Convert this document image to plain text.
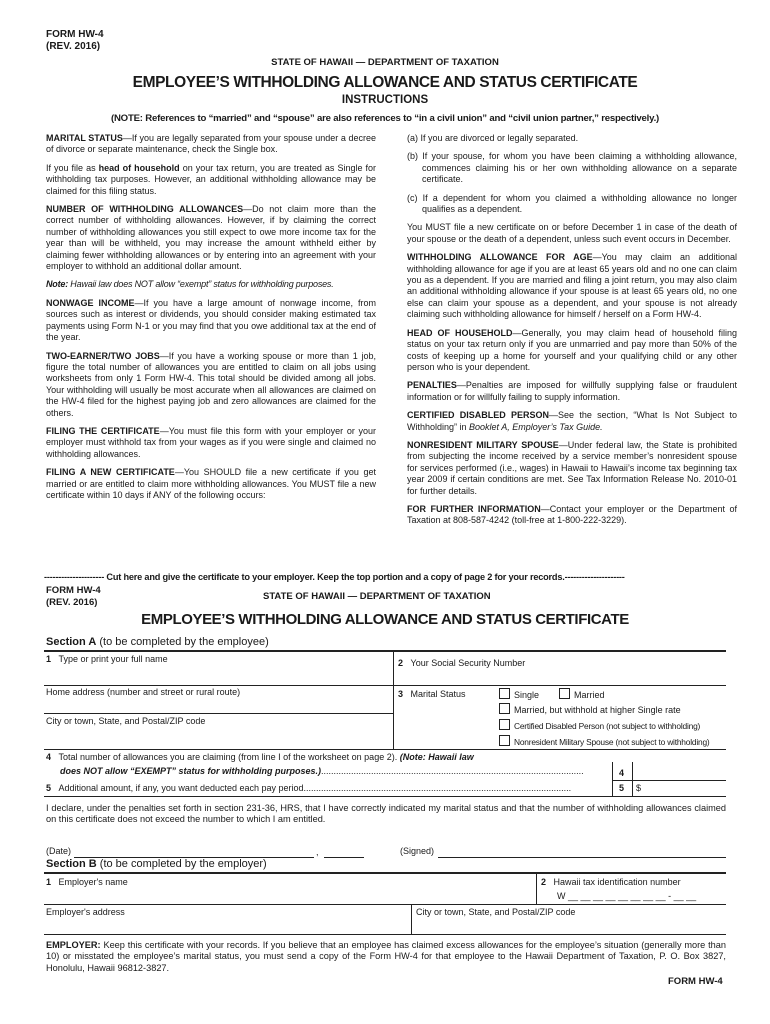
FORM HW-4
(REV. 2016)
STATE OF HAWAII — DEPARTMENT OF TAXATION
EMPLOYEE’S WITHHOLDING ALLOWANCE AND STATUS CERTIFICATE
INSTRUCTIONS
(NOTE: References to “married” and “spouse” are also references to “in a civil union” and “civil union partner,” respectively.)

MARITAL STATUS—If you are legally separated from your spouse under a decree of divorce or separate maintenance, check the Single box.

If you file as head of household on your tax return, you are treated as Single for withholding tax purposes. However, an additional withholding allowance may be claimed for this filing status.

NUMBER OF WITHHOLDING ALLOWANCES—Do not claim more than the correct number of withholding allowances. However, if by claiming the correct number of withholding allowances you still expect to owe more income tax for the year than will be withheld, you may increase the amount withheld either by claiming fewer withholding allowances or by entering into an agreement with your employer to withhold an additional dollar amount.

Note: Hawaii law does NOT allow “exempt” status for withholding purposes.

NONWAGE INCOME—If you have a large amount of nonwage income, from sources such as interest or dividends, you should consider making estimated tax payments using Form N-1 or you may find that you owe additional tax at the end of the year.

TWO-EARNER/TWO JOBS—If you have a working spouse or more than 1 job, figure the total number of allowances you are entitled to claim on all jobs using worksheets from only 1 Form HW-4. This total should be divided among all jobs. Your withholding will usually be most accurate when all allowances are claimed on the HW-4 filed for the highest paying job and zero allowances are claimed for the others.

FILING THE CERTIFICATE—You must file this form with your employer or your employer must withhold tax from your wages as if you were single and claimed no withholding allowances.

FILING A NEW CERTIFICATE—You SHOULD file a new certificate if you get married or are entitled to claim more withholding allowances. You MUST file a new certificate within 10 days if ANY of the following occurs:

(a) If you are divorced or legally separated.

(b) If your spouse, for whom you have been claiming a withholding allowance, commences claiming his or her own withholding allowance on a separate certificate.

(c) If a dependent for whom you claimed a withholding allowance no longer qualifies as a dependent.

You MUST file a new certificate on or before December 1 in case of the death of your spouse or the death of a dependent, unless such event occurs in December.

WITHHOLDING ALLOWANCE FOR AGE—You may claim an additional withholding allowance for age if you are at least 65 years old and no one can claim you as a dependent. If you are married and filing a joint return, you may also claim an additional withholding allowance if your spouse is at least 65 years old, no one else can claim your spouse as a dependent, and your spouse is not already claiming such withholding allowance for himself / herself on a Form HW-4.

HEAD OF HOUSEHOLD—Generally, you may claim head of household filing status on your tax return only if you are unmarried and pay more than 50% of the costs of keeping up a home for yourself and your qualifying child or any other person who is your dependent.

PENALTIES—Penalties are imposed for willfully supplying false or fraudulent information or for willfully failing to supply information.

CERTIFIED DISABLED PERSON—See the section, “What Is Not Subject to Withholding” in Booklet A, Employer’s Tax Guide.

NONRESIDENT MILITARY SPOUSE—Under federal law, the State is prohibited from subjecting the income received by a service member’s nonresident spouse for services performed (i.e., wages) in Hawaii to Hawaii’s income tax beginning tax year 2009 if certain conditions are met. See Tax Information Release No. 2010-01 for further details.

FOR FURTHER INFORMATION—Contact your employer or the Department of Taxation at 808-587-4242 (toll-free at 1-800-222-3229).

--------------------- Cut here and give the certificate to your employer. Keep the top portion and a copy of page 2 for your records.---------------------
FORM HW-4
(REV. 2016)	STATE OF HAWAII — DEPARTMENT OF TAXATION
EMPLOYEE’S WITHHOLDING ALLOWANCE AND STATUS CERTIFICATE
Section A (to be completed by the employee)
1 Type or print your full name	2 Your Social Security Number
Home address (number and street or rural route)
City or town, State, and Postal/ZIP code
3 Marital Status	Single	Married
Married, but withhold at higher Single rate
Certified Disabled Person (not subject to withholding)
Nonresident Military Spouse (not subject to withholding)
4 Total number of allowances you are claiming (from line I of the worksheet on page 2). (Note: Hawaii law
does NOT allow “EXEMPT” status for withholding purposes.).........................................................................................................	4
5 Additional amount, if any, you want deducted each pay period...........................................................................................................	5 $
I declare, under the penalties set forth in section 231-36, HRS, that I have correctly indicated my marital status and that the number of withholding allowances claimed on this certificate does not exceed the number to which I am entitled.
(Date)	,	(Signed)
Section B (to be completed by the employer)
1 Employer's name	2 Hawaii tax identification number
W __ __ __ __ __ __ __ __ - __ __
Employer's address	City or town, State, and Postal/ZIP code
EMPLOYER: Keep this certificate with your records. If you believe that an employee has claimed excess allowances for the employee’s situation (generally more than 10) or misstated the employee’s marital status, you must send a copy of the Form HW-4 for that employee to the Hawaii Department of Taxation, P. O. Box 3827, Honolulu, Hawaii 96812-3827.
FORM HW-4
